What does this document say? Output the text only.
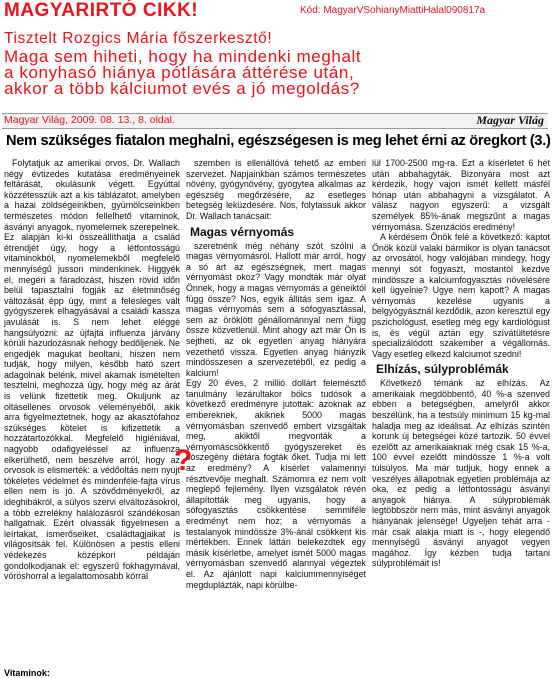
MAGYARIRTÓ CIKK!	Kód: MagyarVSohianyMiattiHalal090817a
Tisztelt Rozgics Mária főszerkesztő!
Maga sem hiheti, hogy ha mindenki meghalt
a konyhasó hiánya pótlására áttérése után,
akkor a több kálciumot evés a jó megoldás?
Magyar Világ, 2009. 08. 13., 8. oldal.	Magyar Világ
Nem szükséges fiatalon meghalni, egészségesen is meg lehet érni az öregkort (3.)

Folytatjuk az amerikai orvos, Dr. Wallach négy évtizedes kutatása eredményeinek feltárását, okulásunk végett. Egyúttal közzétesszük azt a kis táblázatot, amelyben a hazai zöldségeinkben, gyümölcseinkben természetes módon fellelhető vitaminok, ásványi anyagok, nyomelemek szerepelnek. Ez alapján ki-ki összeállíthatja a család étrendjét úgy, hogy a létfontosságú vitaminokból, nyomelemekből megfelelő mennyiségű jusson mindenkinek. Higgyék el, megéri a fáradozást, hiszen rövid időn belül tapasztalni fogják az életminőség változását épp úgy, mint a felesleges vált gyógyszerek elhagyásával a családi kassza javulását is. S nem lehet eléggé hangsúlyozni: az újfajta influenza járvány körüli hazudozásnak nehogy bedőljenek. Ne engedjék magukat beoltani, hiszen nem tudják, hogy milyen, később ható szert adagolnak belénk, mivel akarnak ismételten tesztelni, meghozzá úgy, hogy még az árát is velünk fizettetik meg. Okuljunk az oltásellenes orvosok véleményéből, akik arra figyelmeztetnek, hogy az akasztófahoz szükséges kötelet is kifizettetik a hozzátartozókkal. Megfelelő higiéniával, nagyobb odafigyeléssel az influenza elkerülhető, nem beszélve arról, hogy az orvosok is elismerték: a védőoltás nem nyújt tökéletes védelmet és mindenféle-fajta vírus ellen nem is jó. A szövődményekről, az ideghibákról, a súlyos szervi elváltozásokról, a több ezrelékny halálozásról szándékosan hallgatnak. Ezért olvassák figyelmesen a leírtakat, ismerőseiket, családtagjaikat is világosítsák fel. Különösen a pestis elleni védekezés középkori példáján gondolkodjanak el: egyszerű fokhagymával, vöröshorral a legalattomosabb kórral

szemben is ellenállóvá tehető az emberi szervezet. Napjainkban számos természetes növény, gyógynövény, gyógytea alkalmas az egészség megőrzésére, az esetleges betegség leküzdésére. Nos, folytassuk akkor Dr. Wallach tanácsait:

Magas vérnyomás

szeretnénk még néhány szót szólni a magas vérnyomásról. Hallott már arról, hogy a só árt az egészségnek, mert magas vérnyomást okoz? Vagy mondták már olyat Önnek, hogy a magas vérnyomás a géneiktól függ össze? Nos, egyik állítás sem igaz. A magas vérnyomás sem a sófogyasztással, sem az öröklött génállománnyal nem függ össze közvetlenül. Mint ahogy azt már Ön is sejtheti, az ok egyetlen anyag hiányára vezethető vissza. Egyetlen anyag hiányzik mindösszesen a szervezetéből, ez pedig a kalcium!

Egy 20 éves, 2 millió dollárt felemésztő tanulmány lezárultakor bölcs tudósok a következő eredményre jutottak: azoknak az embereknek, akiknek 5000 magas vérnyomásban szenvedő embert vizsgáltak meg, akiktől megvonták a vérnyomáscsökkentő gyógyszereket és sószegény diétára fogták őket. Tudja mi lett az eredmény? A kísérlet valamennyi résztvevője meghalt. Számomra ez nem volt meglepő fejlemény. Ilyen vizsgálatok révén állapították meg ugyanis, hogy a sófogyasztás csökkentése semmiféle eredményt nem hoz; a vérnyomás a testalanyok mindössze 3%-ánál csökkent kis mértékben. Ennek láttán belekezdtek egy másik kísérletbe, amelyet ismét 5000 magas vérnyomásban szenvedő alannyal végeztek el. Az ajánlott napi kalciummennyiséget megduplázták, napi körülbe-

lül 1700-2500 mg-ra. Ezt a kísérletet 6 hét után abbahagyták. Bizonyára most azt kérdezik, hogy vajon ismét kellett másfél hónap után abbahagyni a vizsgálatot. A válasz nagyon egyszerű: a vizsgált személyek 85%-ának megszűnt a magas vérnyomása. Szenzációs eredmény!

A kérdésem Önök felé a következő: kaptot Önök közül valaki bármikor is olyan tanácsot az orvosától, hogy valójában mindegy, hogy mennyi sót fogyaszt, mostantól kezdve mindössze a kalciumfogyasztás növelésére kell ügyelnie? Ugye nem kapott? A magas vérnyomás kezelése ugyanis a belgyógyásznál kezdődik, azon keresztül egy pszichológust, esetleg még egy kardiológust is, és végül aztán egy szívátültetésre specializálódott szakember a végállomás. Vagy esetleg elkezd kalciumot szedni!

Elhízás, súlyproblémák

Következő témánk az elhízás. Az amerikaiak megdöbbentő, 40 %-a szenved ebben a betegségben, amelyről akkor beszélünk, ha a testsúly minimum 15 kg-mal haladja meg az ideálisat. Az elhízás szintén korunk új betegségei közé tartozik. 50 évvel ezelőtt az amerikaiaknak még csak 15 %-a, 100 évvel ezelőtt mindössze 1 %-a volt túlsúlyos. Ma már tudjuk, hogy ennek a veszélyes állapotnak egyetlen problémája az oka, ez pedig a létfontosságú ásványi anyagok hiánya. A súlyproblémák legtöbbször nem más, mint ásványi anyagok hiányának jelensége! Ugyeljen tehát arra - már csak alakja miatt is -, hogy elegendő mennyiségű ásványi anyagot vegyen magához. Így kézben tudja tartani súlyproblémáit is!

?
Vitaminok:
